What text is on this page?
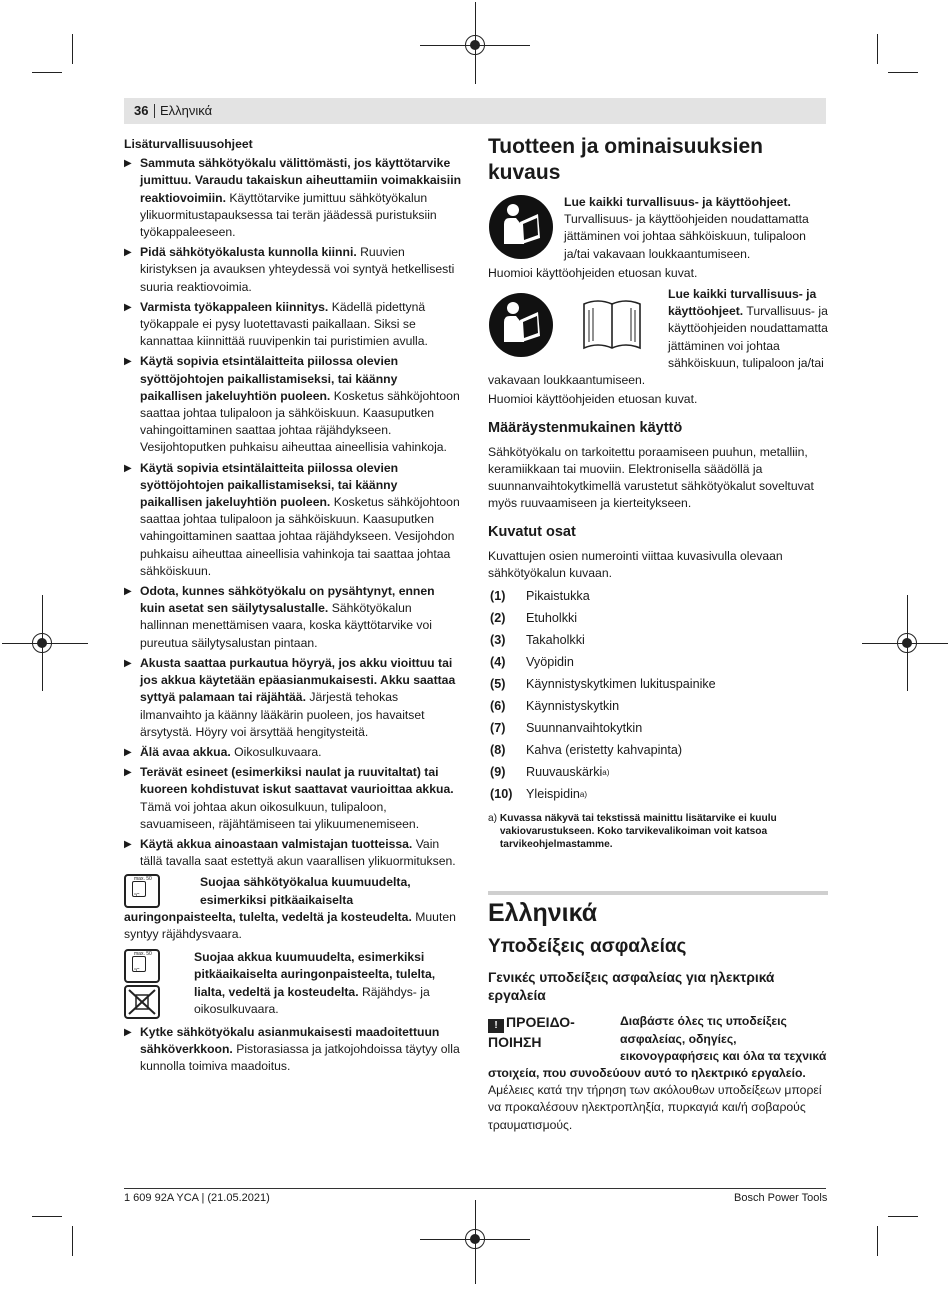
36 Ελληνικά
Lisäturvallisuusohjeet
▶ Sammuta sähkötyökalu välittömästi, jos käyttötarvike jumittuu. Varaudu takaiskun aiheuttamiin voimakkaisiin reaktiovoimiin. Käyttötarvike jumittuu sähkötyökalun ylikuormitustapauksessa tai terän jäädessä puristuksiin työkappaleeseen.
▶ Pidä sähkötyökalusta kunnolla kiinni. Ruuvien kiristyksen ja avauksen yhteydessä voi syntyä hetkellisesti suuria reaktiovoimia.
▶ Varmista työkappaleen kiinnitys. Kädellä pidettynä työkappale ei pysy luotettavasti paikallaan. Siksi se kannattaa kiinnittää ruuvipenkin tai puristimien avulla.
▶ Käytä sopivia etsintälaitteita piilossa olevien syöttöjohtojen paikallistamiseksi, tai käänny paikallisen jakeluyhtiön puoleen. Kosketus sähköjohtoon saattaa johtaa tulipaloon ja sähköiskuun. Kaasuputken vahingoittaminen saattaa johtaa räjähdykseen. Vesijohtoputken puhkaisu aiheuttaa aineellisia vahinkoja.
▶ Käytä sopivia etsintälaitteita piilossa olevien syöttöjohtojen paikallistamiseksi, tai käänny paikallisen jakeluyhtiön puoleen. Kosketus sähköjohtoon saattaa johtaa tulipaloon ja sähköiskuun. Kaasuputken vahingoittaminen saattaa johtaa räjähdykseen. Vesijohdon puhkaisu aiheuttaa aineellisia vahinkoja tai saattaa johtaa sähköiskuun.
▶ Odota, kunnes sähkötyökalu on pysähtynyt, ennen kuin asetat sen säilytysalustalle. Sähkötyökalun hallinnan menettämisen vaara, koska käyttötarvike voi pureutua säilytysalustan pintaan.
▶ Akusta saattaa purkautua höyryä, jos akku vioittuu tai jos akkua käytetään epäasianmukaisesti. Akku saattaa syttyä palamaan tai räjähtää. Järjestä tehokas ilmanvaihto ja käänny lääkärin puoleen, jos havaitset ärsytystä. Höyry voi ärsyttää hengitysteitä.
▶ Älä avaa akkua. Oikosulkuvaara.
▶ Terävät esineet (esimerkiksi naulat ja ruuvitaltat) tai kuoreen kohdistuvat iskut saattavat vaurioittaa akkua. Tämä voi johtaa akun oikosulkuun, tulipaloon, savuamiseen, räjähtämiseen tai ylikuumenemiseen.
▶ Käytä akkua ainoastaan valmistajan tuotteissa. Vain tällä tavalla saat estettyä akun vaarallisen ylikuormituksen.
max. 50 °C
Suojaa sähkötyökalua kuumuudelta, esimerkiksi pitkäaikaiselta auringonpaisteelta, tulelta, vedeltä ja kosteudelta. Muuten syntyy räjähdysvaara.
max. 50 °C
Suojaa akkua kuumuudelta, esimerkiksi pitkäaikaiselta auringonpaisteelta, tulelta, lialta, vedeltä ja kosteudelta. Räjähdys- ja oikosulkuvaara.
▶ Kytke sähkötyökalu asianmukaisesti maadoitettuun sähköverkkoon. Pistorasiassa ja jatkojohdoissa täytyy olla kunnolla toimiva maadoitus.
Tuotteen ja ominaisuuksien kuvaus
Lue kaikki turvallisuus- ja käyttöohjeet. Turvallisuus- ja käyttöohjeiden noudattamatta jättäminen voi johtaa sähköiskuun, tulipaloon ja/tai vakavaan loukkaantumiseen.
Huomioi käyttöohjeiden etuosan kuvat.
Lue kaikki turvallisuus- ja käyttöohjeet. Turvallisuus- ja käyttöohjeiden noudattamatta jättäminen voi johtaa sähköiskuun, tulipaloon ja/tai vakavaan loukkaantumiseen.
Huomioi käyttöohjeiden etuosan kuvat.
Määräystenmukainen käyttö
Sähkötyökalu on tarkoitettu poraamiseen puuhun, metalliin, keramiikkaan tai muoviin. Elektronisella säädöllä ja suunnanvaihtokytkimellä varustetut sähkötyökalut soveltuvat myös ruuvaamiseen ja kierteitykseen.
Kuvatut osat
Kuvattujen osien numerointi viittaa kuvasivulla olevaan sähkötyökalun kuvaan.
(1)	Pikaistukka
(2)	Etuholkki
(3)	Takaholkki
(4)	Vyöpidin
(5)	Käynnistyskytkimen lukituspainike
(6)	Käynnistyskytkin
(7)	Suunnanvaihtokytkin
(8)	Kahva (eristetty kahvapinta)
(9)	Ruuvauskärki a)
(10)	Yleispidin a)
a) Kuvassa näkyvä tai tekstissä mainittu lisätarvike ei kuulu vakiovarustukseen. Koko tarvikevalikoiman voit katsoa tarvikeohjelmastamme.
Ελληνικά
Υποδείξεις ασφαλείας
Γενικές υποδείξεις ασφαλείας για ηλεκτρικά εργαλεία
! ΠΡΟΕΙΔΟ-ΠΟΙΗΣΗ
Διαβάστε όλες τις υποδείξεις ασφαλείας, οδηγίες, εικονογραφήσεις και όλα τα τεχνικά στοιχεία, που συνοδεύουν αυτό το ηλεκτρικό εργαλείο. Αμέλειες κατά την τήρηση των ακόλουθων υποδείξεων μπορεί να προκαλέσουν ηλεκτροπληξία, πυρκαγιά και/ή σοβαρούς τραυματισμούς.
1 609 92A YCA | (21.05.2021)	Bosch Power Tools
